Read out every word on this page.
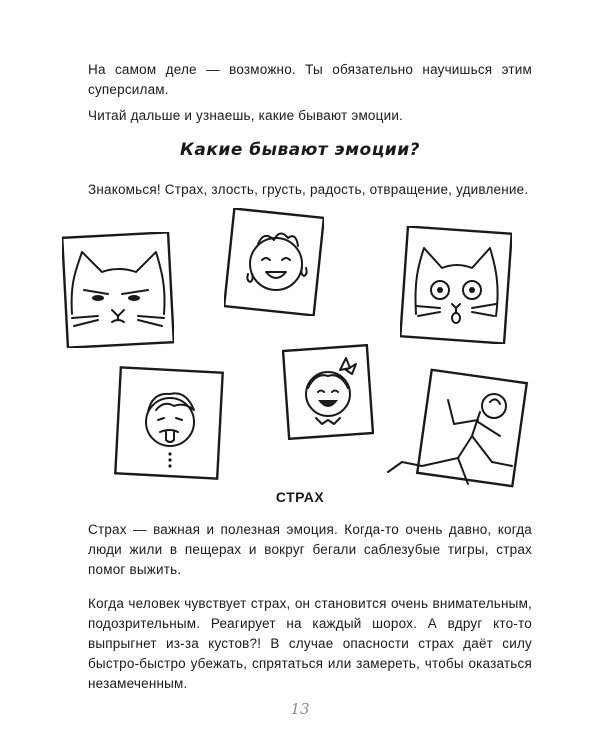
На самом деле — возможно. Ты обязательно научишься этим суперсилам.

Читай дальше и узнаешь, какие бывают эмоции.

Какие бывают эмоции?

Знакомься! Страх, злость, грусть, радость, отвращение, удивление.

СТРАХ

Страх — важная и полезная эмоция. Когда-то очень давно, когда люди жили в пещерах и вокруг бегали саблезубые тигры, страх помог выжить.

Когда человек чувствует страх, он становится очень внимательным, подозрительным. Реагирует на каждый шорох. А вдруг кто-то выпрыгнет из-за кустов?! В случае опасности страх даёт силу быстро-быстро убежать, спрятаться или замереть, чтобы оказаться незамеченным.

13
